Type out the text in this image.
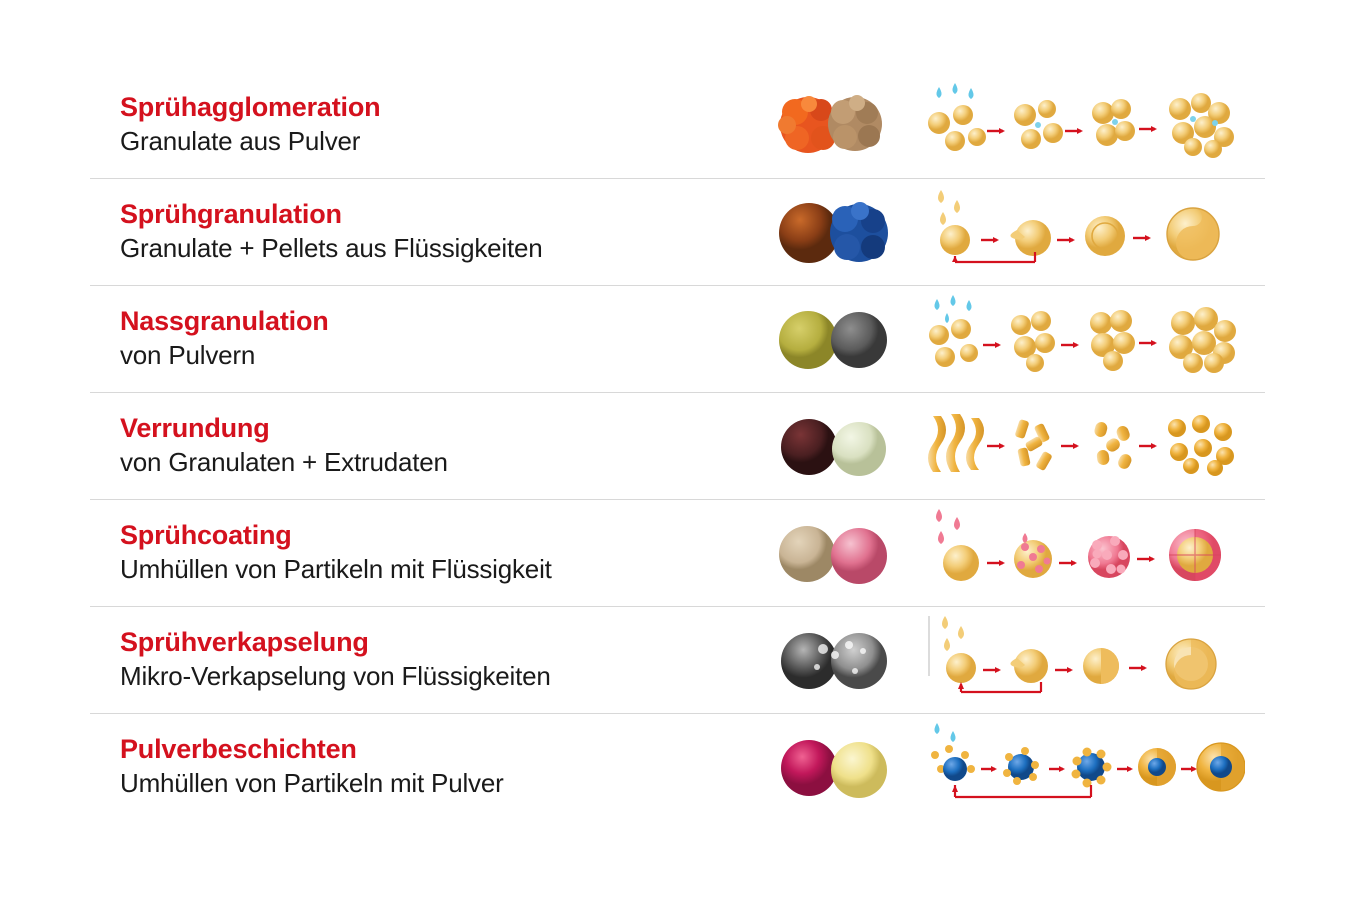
Sprühagglomeration
Granulate aus Pulver
Sprühgranulation
Granulate + Pellets aus Flüssigkeiten
Nassgranulation
von Pulvern
Verrundung
von Granulaten + Extrudaten
Sprühcoating
Umhüllen von Partikeln mit Flüssigkeit
Sprühverkapselung
Mikro-Verkapselung von Flüssigkeiten
Pulverbeschichten
Umhüllen von Partikeln mit Pulver
